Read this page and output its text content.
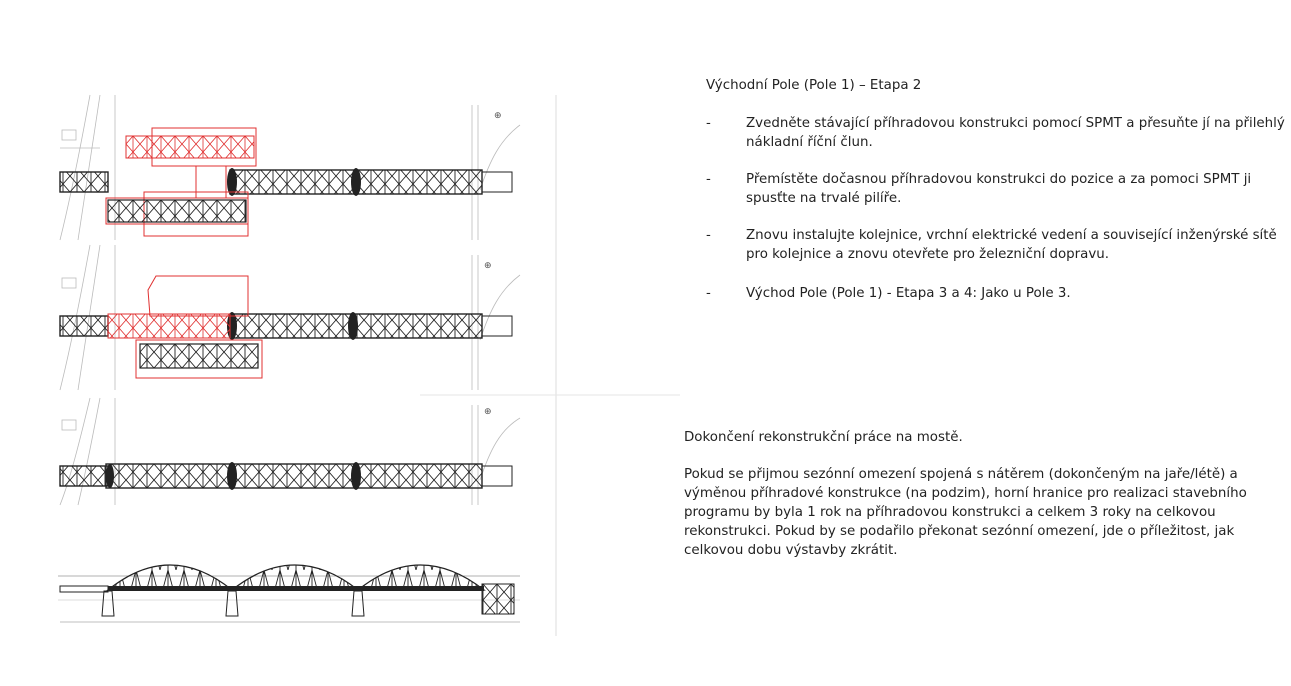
⊕
⊕
⊕
Východní Pole (Pole 1) – Etapa 2
-	Zvedněte stávající příhradovou konstrukci pomocí SPMT a přesuňte jí na přilehlý nákladní říční člun.
-	Přemístěte dočasnou příhradovou konstrukci do pozice a za pomoci SPMT ji spusťte na trvalé pilíře.
-	Znovu instalujte kolejnice, vrchní elektrické vedení a související inženýrské sítě pro kolejnice a znovu otevřete pro železniční dopravu.
-	Východ Pole (Pole 1) - Etapa 3 a 4: Jako u Pole 3.
Dokončení rekonstrukční práce na mostě.
Pokud se přijmou sezónní omezení spojená s nátěrem (dokončeným na jaře/létě) a výměnou příhradové konstrukce (na podzim), horní hranice pro realizaci stavebního programu by byla 1 rok na příhradovou konstrukci a celkem 3 roky na celkovou rekonstrukci. Pokud by se podařilo překonat sezónní omezení, jde o příležitost, jak celkovou dobu výstavby zkrátit.
